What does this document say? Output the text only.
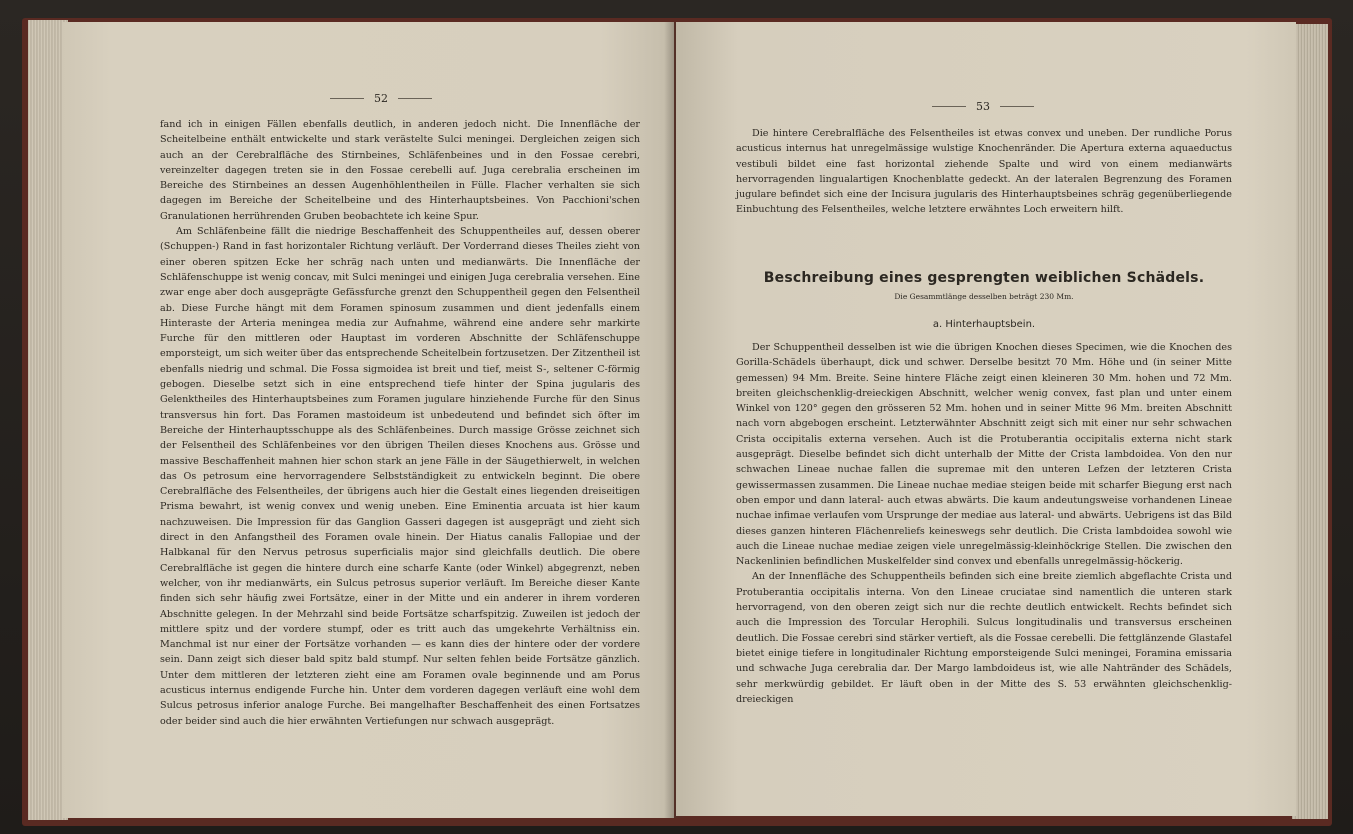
52

fand ich in einigen Fällen ebenfalls deutlich, in anderen jedoch nicht. Die Innenfläche der Scheitelbeine enthält entwickelte und stark verästelte Sulci meningei. Dergleichen zeigen sich auch an der Cerebralfläche des Stirnbeines, Schläfenbeines und in den Fossae cerebri, vereinzelter dagegen treten sie in den Fossae cerebelli auf. Juga cerebralia erscheinen im Bereiche des Stirnbeines an dessen Augenhöhlentheilen in Fülle. Flacher verhalten sie sich dagegen im Bereiche der Scheitelbeine und des Hinterhauptsbeines. Von Pacchioni'schen Granulationen herrührenden Gruben beobachtete ich keine Spur.

Am Schläfenbeine fällt die niedrige Beschaffenheit des Schuppentheiles auf, dessen oberer (Schuppen-) Rand in fast horizontaler Richtung verläuft. Der Vorderrand dieses Theiles zieht von einer oberen spitzen Ecke her schräg nach unten und medianwärts. Die Innenfläche der Schläfenschuppe ist wenig concav, mit Sulci meningei und einigen Juga cerebralia versehen. Eine zwar enge aber doch ausgeprägte Gefässfurche grenzt den Schuppentheil gegen den Felsentheil ab. Diese Furche hängt mit dem Foramen spinosum zusammen und dient jedenfalls einem Hinteraste der Arteria meningea media zur Aufnahme, während eine andere sehr markirte Furche für den mittleren oder Hauptast im vorderen Abschnitte der Schläfenschuppe emporsteigt, um sich weiter über das entsprechende Scheitelbein fortzusetzen. Der Zitzentheil ist ebenfalls niedrig und schmal. Die Fossa sigmoidea ist breit und tief, meist S-, seltener C-förmig gebogen. Dieselbe setzt sich in eine entsprechend tiefe hinter der Spina jugularis des Gelenktheiles des Hinterhauptsbeines zum Foramen jugulare hinziehende Furche für den Sinus transversus hin fort. Das Foramen mastoideum ist unbedeutend und befindet sich öfter im Bereiche der Hinterhauptsschuppe als des Schläfenbeines. Durch massige Grösse zeichnet sich der Felsentheil des Schläfenbeines vor den übrigen Theilen dieses Knochens aus. Grösse und massive Beschaffenheit mahnen hier schon stark an jene Fälle in der Säugethierwelt, in welchen das Os petrosum eine hervorragendere Selbstständigkeit zu entwickeln beginnt. Die obere Cerebralfläche des Felsentheiles, der übrigens auch hier die Gestalt eines liegenden dreiseitigen Prisma bewahrt, ist wenig convex und wenig uneben. Eine Eminentia arcuata ist hier kaum nachzuweisen. Die Impression für das Ganglion Gasseri dagegen ist ausgeprägt und zieht sich direct in den Anfangstheil des Foramen ovale hinein. Der Hiatus canalis Fallopiae und der Halbkanal für den Nervus petrosus superficialis major sind gleichfalls deutlich. Die obere Cerebralfläche ist gegen die hintere durch eine scharfe Kante (oder Winkel) abgegrenzt, neben welcher, von ihr medianwärts, ein Sulcus petrosus superior verläuft. Im Bereiche dieser Kante finden sich sehr häufig zwei Fortsätze, einer in der Mitte und ein anderer in ihrem vorderen Abschnitte gelegen. In der Mehrzahl sind beide Fortsätze scharfspitzig. Zuweilen ist jedoch der mittlere spitz und der vordere stumpf, oder es tritt auch das umgekehrte Verhältniss ein. Manchmal ist nur einer der Fortsätze vorhanden — es kann dies der hintere oder der vordere sein. Dann zeigt sich dieser bald spitz bald stumpf. Nur selten fehlen beide Fortsätze gänzlich. Unter dem mittleren der letzteren zieht eine am Foramen ovale beginnende und am Porus acusticus internus endigende Furche hin. Unter dem vorderen dagegen verläuft eine wohl dem Sulcus petrosus inferior analoge Furche. Bei mangelhafter Beschaffenheit des einen Fortsatzes oder beider sind auch die hier erwähnten Vertiefungen nur schwach ausgeprägt.

53

Die hintere Cerebralfläche des Felsentheiles ist etwas convex und uneben. Der rundliche Porus acusticus internus hat unregelmässige wulstige Knochenränder. Die Apertura externa aquaeductus vestibuli bildet eine fast horizontal ziehende Spalte und wird von einem medianwärts hervorragenden lingualartigen Knochenblatte gedeckt. An der lateralen Begrenzung des Foramen jugulare befindet sich eine der Incisura jugularis des Hinterhauptsbeines schräg gegenüberliegende Einbuchtung des Felsentheiles, welche letztere erwähntes Loch erweitern hilft.

Beschreibung eines gesprengten weiblichen Schädels.
Die Gesammtlänge desselben beträgt 230 Mm.
a. Hinterhauptsbein.

Der Schuppentheil desselben ist wie die übrigen Knochen dieses Specimen, wie die Knochen des Gorilla-Schädels überhaupt, dick und schwer. Derselbe besitzt 70 Mm. Höhe und (in seiner Mitte gemessen) 94 Mm. Breite. Seine hintere Fläche zeigt einen kleineren 30 Mm. hohen und 72 Mm. breiten gleichschenklig-dreieckigen Abschnitt, welcher wenig convex, fast plan und unter einem Winkel von 120° gegen den grösseren 52 Mm. hohen und in seiner Mitte 96 Mm. breiten Abschnitt nach vorn abgebogen erscheint. Letzterwähnter Abschnitt zeigt sich mit einer nur sehr schwachen Crista occipitalis externa versehen. Auch ist die Protuberantia occipitalis externa nicht stark ausgeprägt. Dieselbe befindet sich dicht unterhalb der Mitte der Crista lambdoidea. Von den nur schwachen Lineae nuchae fallen die supremae mit den unteren Lefzen der letzteren Crista gewissermassen zusammen. Die Lineae nuchae mediae steigen beide mit scharfer Biegung erst nach oben empor und dann lateral- auch etwas abwärts. Die kaum andeutungsweise vorhandenen Lineae nuchae infimae verlaufen vom Ursprunge der mediae aus lateral- und abwärts. Uebrigens ist das Bild dieses ganzen hinteren Flächenreliefs keineswegs sehr deutlich. Die Crista lambdoidea sowohl wie auch die Lineae nuchae mediae zeigen viele unregelmässig-kleinhöckrige Stellen. Die zwischen den Nackenlinien befindlichen Muskelfelder sind convex und ebenfalls unregelmässig-höckerig.

An der Innenfläche des Schuppentheils befinden sich eine breite ziemlich abgeflachte Crista und Protuberantia occipitalis interna. Von den Lineae cruciatae sind namentlich die unteren stark hervorragend, von den oberen zeigt sich nur die rechte deutlich entwickelt. Rechts befindet sich auch die Impression des Torcular Herophili. Sulcus longitudinalis und transversus erscheinen deutlich. Die Fossae cerebri sind stärker vertieft, als die Fossae cerebelli. Die fettglänzende Glastafel bietet einige tiefere in longitudinaler Richtung emporsteigende Sulci meningei, Foramina emissaria und schwache Juga cerebralia dar. Der Margo lambdoideus ist, wie alle Nahtränder des Schädels, sehr merkwürdig gebildet. Er läuft oben in der Mitte des S. 53 erwähnten gleichschenklig-dreieckigen
